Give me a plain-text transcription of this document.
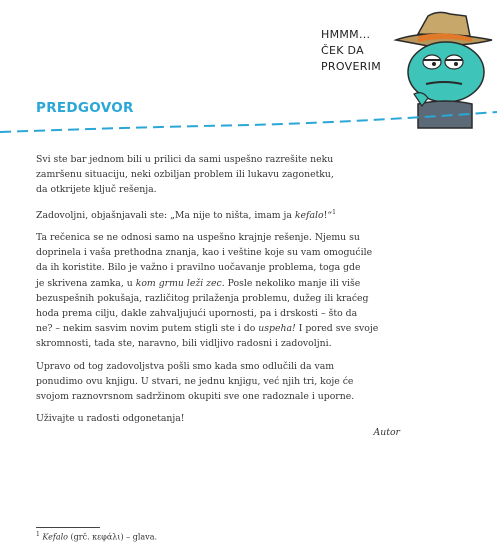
HMMM...
ČEK DA
PROVERIM
PREDGOVOR

Svi ste bar jednom bili u prilici da sami uspešno razrešite neku
zamršenu situaciju, neki ozbiljan problem ili lukavu zagonetku,
da otkrijete ključ rešenja.

Zadovoljni, objašnjavali ste: „Ma nije to ništa, imam ja kefalo!“$^1$

Ta rečenica se ne odnosi samo na uspešno krajnje rešenje. Njemu su
doprinela i vaša prethodna znanja, kao i veštine koje su vam omogućile
da ih koristite. Bilo je važno i pravilno uočavanje problema, toga gde
je skrivena zamka, u kom grmu leži zec. Posle nekoliko manje ili više
bezuspešnih pokušaja, različitog prilaženja problemu, dužeg ili kraćeg
hoda prema cilju, dakle zahvaljujući upornosti, pa i drskosti – što da
ne? – nekim sasvim novim putem stigli ste i do uspeha! I pored sve svoje
skromnosti, tada ste, naravno, bili vidljivo radosni i zadovoljni.

Upravo od tog zadovoljstva pošli smo kada smo odlučili da vam
ponudimo ovu knjigu. U stvari, ne jednu knjigu, već njih tri, koje će
svojom raznovrsnom sadržinom okupiti sve one radoznale i uporne.

Uživajte u radosti odgonetanja!

Autor
$^1$ Kefalo (grč. κεφάλι) – glava.
